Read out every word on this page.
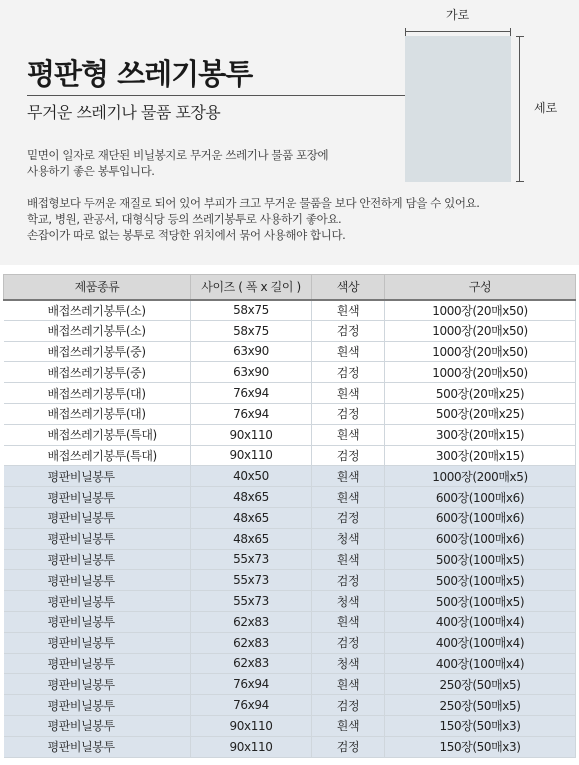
평판형 쓰레기봉투
무거운 쓰레기나 물품 포장용
밑면이 일자로 재단된 비닐봉지로 무거운 쓰레기나 물품 포장에
사용하기 좋은 봉투입니다.
배접형보다 두꺼운 재질로 되어 있어 부피가 크고 무거운 물품을 보다 안전하게 담을 수 있어요.
학교, 병원, 관공서, 대형식당 등의 쓰레기봉투로 사용하기 좋아요.
손잡이가 따로 없는 봉투로 적당한 위치에서 묶어 사용해야 합니다.
가로
세로
제품종류	사이즈 ( 폭 x 길이 )	색상	구성
배접쓰레기봉투(소)	58x75	흰색	1000장(20매x50)
배접쓰레기봉투(소)	58x75	검정	1000장(20매x50)
배접쓰레기봉투(중)	63x90	흰색	1000장(20매x50)
배접쓰레기봉투(중)	63x90	검정	1000장(20매x50)
배접쓰레기봉투(대)	76x94	흰색	500장(20매x25)
배접쓰레기봉투(대)	76x94	검정	500장(20매x25)
배접쓰레기봉투(특대)	90x110	흰색	300장(20매x15)
배접쓰레기봉투(특대)	90x110	검정	300장(20매x15)
평판비닐봉투	40x50	흰색	1000장(200매x5)
평판비닐봉투	48x65	흰색	600장(100매x6)
평판비닐봉투	48x65	검정	600장(100매x6)
평판비닐봉투	48x65	청색	600장(100매x6)
평판비닐봉투	55x73	흰색	500장(100매x5)
평판비닐봉투	55x73	검정	500장(100매x5)
평판비닐봉투	55x73	청색	500장(100매x5)
평판비닐봉투	62x83	흰색	400장(100매x4)
평판비닐봉투	62x83	검정	400장(100매x4)
평판비닐봉투	62x83	청색	400장(100매x4)
평판비닐봉투	76x94	흰색	250장(50매x5)
평판비닐봉투	76x94	검정	250장(50매x5)
평판비닐봉투	90x110	흰색	150장(50매x3)
평판비닐봉투	90x110	검정	150장(50매x3)
